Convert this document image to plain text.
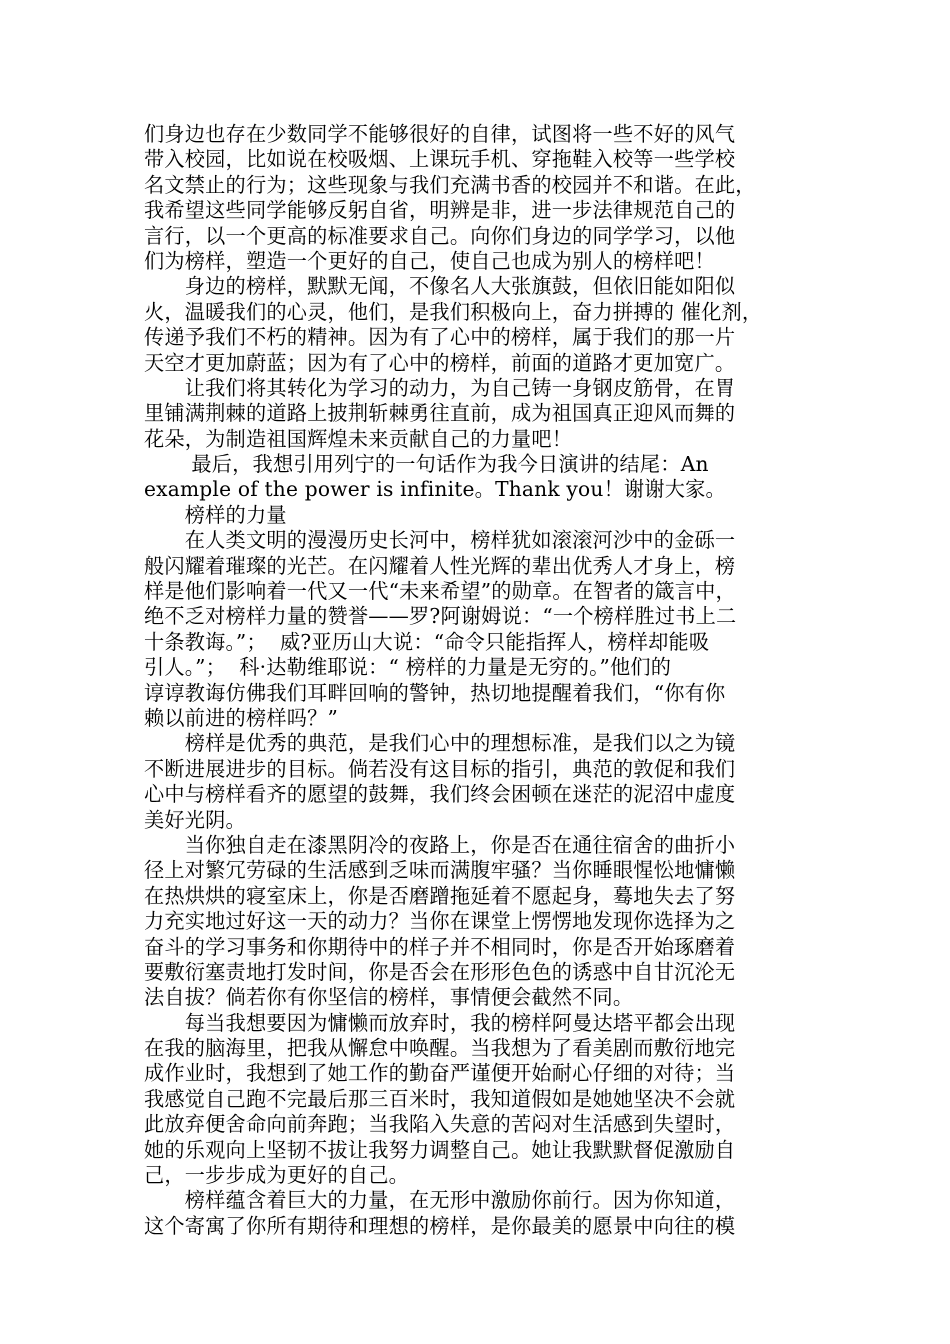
们身边也存在少数同学不能够很好的自律，试图将一些不好的风气
带入校园，比如说在校吸烟、上课玩手机、穿拖鞋入校等一些学校
名文禁止的行为；这些现象与我们充满书香的校园并不和谐。在此，
我希望这些同学能够反躬自省，明辨是非，进一步法律规范自己的
言行，以一个更高的标准要求自己。向你们身边的同学学习，以他
们为榜样，塑造一个更好的自己，使自己也成为别人的榜样吧！
　　身边的榜样，默默无闻，不像名人大张旗鼓，但依旧能如阳似
火，温暖我们的心灵，他们，是我们积极向上，奋力拼搏的 催化剂，
传递予我们不朽的精神。因为有了心中的榜样，属于我们的那一片
天空才更加蔚蓝；因为有了心中的榜样，前面的道路才更加宽广。
　　让我们将其转化为学习的动力，为自己铸一身钢皮筋骨，在胃
里铺满荆棘的道路上披荆斩棘勇往直前，成为祖国真正迎风而舞的
花朵，为制造祖国辉煌未来贡献自己的力量吧！
　　 最后，我想引用列宁的一句话作为我今日演讲的结尾：An
example of the power is infinite。Thank you！谢谢大家。
　　榜样的力量
　　在人类文明的漫漫历史长河中，榜样犹如滚滚河沙中的金砾一
般闪耀着璀璨的光芒。在闪耀着人性光辉的辈出优秀人才身上，榜
样是他们影响着一代又一代“未来希望”的勋章。在智者的箴言中，
绝不乏对榜样力量的赞誉——罗?阿谢姆说：“一个榜样胜过书上二
十条教诲。”；  威?亚历山大说：“命令只能指挥人，榜样却能吸
引人。”；  科·达勒维耶说：“ 榜样的力量是无穷的。”他们的
谆谆教诲仿佛我们耳畔回响的警钟，热切地提醒着我们，“你有你
赖以前进的榜样吗？”
　　榜样是优秀的典范，是我们心中的理想标准，是我们以之为镜
不断进展进步的目标。倘若没有这目标的指引，典范的敦促和我们
心中与榜样看齐的愿望的鼓舞，我们终会困顿在迷茫的泥沼中虚度
美好光阴。
　　当你独自走在漆黑阴冷的夜路上，你是否在通往宿舍的曲折小
径上对繁冗劳碌的生活感到乏味而满腹牢骚？当你睡眼惺忪地慵懒
在热烘烘的寝室床上，你是否磨蹭拖延着不愿起身，蓦地失去了努
力充实地过好这一天的动力？当你在课堂上愣愣地发现你选择为之
奋斗的学习事务和你期待中的样子并不相同时，你是否开始琢磨着
要敷衍塞责地打发时间，你是否会在形形色色的诱惑中自甘沉沦无
法自拔？倘若你有你坚信的榜样，事情便会截然不同。
　　每当我想要因为慵懒而放弃时，我的榜样阿曼达塔平都会出现
在我的脑海里，把我从懈怠中唤醒。当我想为了看美剧而敷衍地完
成作业时，我想到了她工作的勤奋严谨便开始耐心仔细的对待；当
我感觉自己跑不完最后那三百米时，我知道假如是她她坚决不会就
此放弃便舍命向前奔跑；当我陷入失意的苦闷对生活感到失望时，
她的乐观向上坚韧不拔让我努力调整自己。她让我默默督促激励自
己，一步步成为更好的自己。
　　榜样蕴含着巨大的力量，在无形中激励你前行。因为你知道，
这个寄寓了你所有期待和理想的榜样，是你最美的愿景中向往的模
